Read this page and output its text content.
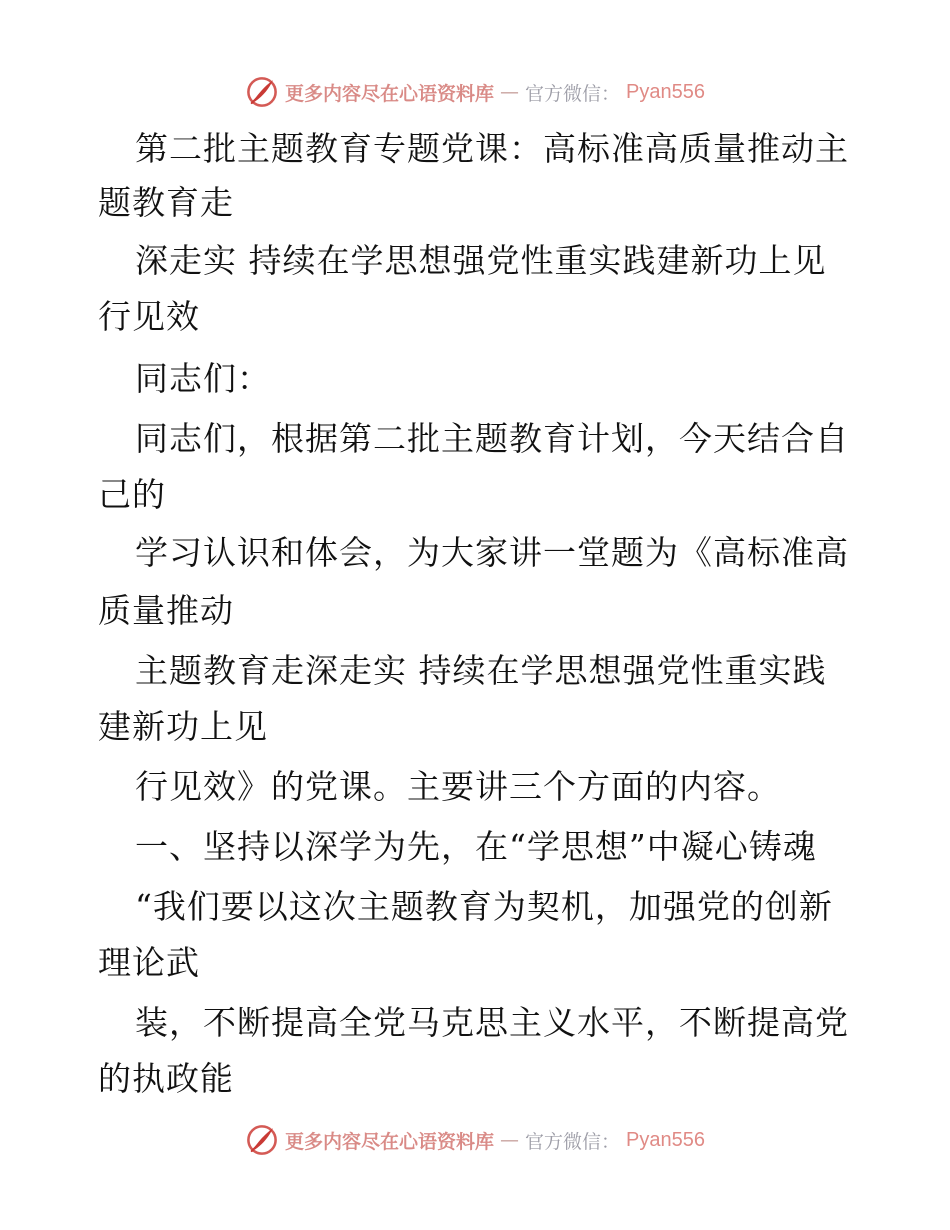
更多内容尽在心语资料库 — 官方微信： Pyan556
第二批主题教育专题党课：高标准高质量推动主
题教育走
深走实 持续在学思想强党性重实践建新功上见
行见效
同志们：
同志们，根据第二批主题教育计划，今天结合自
己的
学习认识和体会，为大家讲一堂题为《高标准高
质量推动
主题教育走深走实 持续在学思想强党性重实践
建新功上见
行见效》的党课。主要讲三个方面的内容。
一、坚持以深学为先，在“学思想”中凝心铸魂
“我们要以这次主题教育为契机，加强党的创新
理论武
装，不断提高全党马克思主义水平，不断提高党
的执政能
更多内容尽在心语资料库 — 官方微信： Pyan556
